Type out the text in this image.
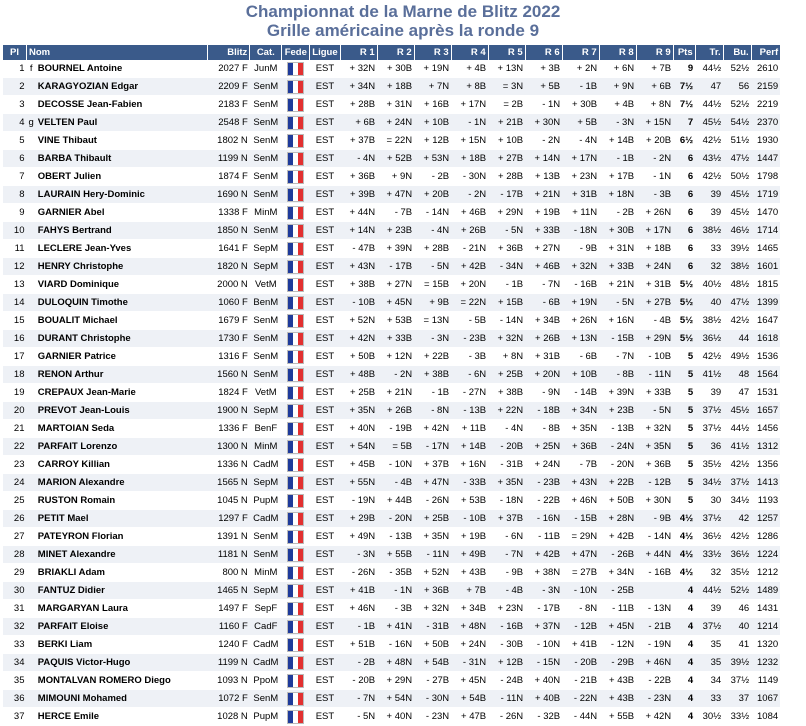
Championnat de la Marne de Blitz 2022

Grille américaine après la ronde 9

Pl	Nom		Blitz	Cat.	Fede	Ligue	R 1	R 2	R 3	R 4	R 5	R 6	R 7	R 8	R 9	Pts	Tr.	Bu.	Perf
1	f	BOURNEL Antoine	2027 F	JunM		EST	+ 32N	+ 30B	+ 19N	+ 4B	+ 13N	+ 3B	+ 2N	+ 6N	+ 7B	9	44½	52½	2610
2		KARAGYOZIAN Edgar	2209 F	SenM		EST	+ 34N	+ 18B	+ 7N	+ 8B	= 3N	+ 5B	- 1B	+ 9N	+ 6B	7½	47	56	2159
3		DECOSSE Jean-Fabien	2183 F	SenM		EST	+ 28B	+ 31N	+ 16B	+ 17N	= 2B	- 1N	+ 30B	+ 4B	+ 8N	7½	44½	52½	2219
4	g	VELTEN Paul	2548 F	SenM		EST	+ 6B	+ 24N	+ 10B	- 1N	+ 21B	+ 30N	+ 5B	- 3N	+ 15N	7	45½	54½	2370
5		VINE Thibaut	1802 N	SenM		EST	+ 37B	= 22N	+ 12B	+ 15N	+ 10B	- 2N	- 4N	+ 14B	+ 20B	6½	42½	51½	1930
6		BARBA Thibault	1199 N	SenM		EST	- 4N	+ 52B	+ 53N	+ 18B	+ 27B	+ 14N	+ 17N	- 1B	- 2N	6	43½	47½	1447
7		OBERT Julien	1874 F	SenM		EST	+ 36B	+ 9N	- 2B	- 30N	+ 28B	+ 13B	+ 23N	+ 17B	- 1N	6	42½	50½	1798
8		LAURAIN Hery-Dominic	1690 N	SenM		EST	+ 39B	+ 47N	+ 20B	- 2N	- 17B	+ 21N	+ 31B	+ 18N	- 3B	6	39	45½	1719
9		GARNIER Abel	1338 F	MinM		EST	+ 44N	- 7B	- 14N	+ 46B	+ 29N	+ 19B	+ 11N	- 2B	+ 26N	6	39	45½	1470
10		FAHYS Bertrand	1850 N	SenM		EST	+ 14N	+ 23B	- 4N	+ 26B	- 5N	+ 33B	- 18N	+ 30B	+ 17N	6	38½	46½	1714
11		LECLERE Jean-Yves	1641 F	SepM		EST	- 47B	+ 39N	+ 28B	- 21N	+ 36B	+ 27N	- 9B	+ 31N	+ 18B	6	33	39½	1465
12		HENRY Christophe	1820 N	SepM		EST	+ 43N	- 17B	- 5N	+ 42B	- 34N	+ 46B	+ 32N	+ 33B	+ 24N	6	32	38½	1601
13		VIARD Dominique	2000 N	VetM		EST	+ 38B	+ 27N	= 15B	+ 20N	- 1B	- 7N	- 16B	+ 21N	+ 31B	5½	40½	48½	1815
14		DULOQUIN Timothe	1060 F	BenM		EST	- 10B	+ 45N	+ 9B	= 22N	+ 15B	- 6B	+ 19N	- 5N	+ 27B	5½	40	47½	1399
15		BOUALIT Michael	1679 F	SenM		EST	+ 52N	+ 53B	= 13N	- 5B	- 14N	+ 34B	+ 26N	+ 16N	- 4B	5½	38½	42½	1647
16		DURANT Christophe	1730 F	SenM		EST	+ 42N	+ 33B	- 3N	- 23B	+ 32N	+ 26B	+ 13N	- 15B	+ 29N	5½	36½	44	1618
17		GARNIER Patrice	1316 F	SenM		EST	+ 50B	+ 12N	+ 22B	- 3B	+ 8N	+ 31B	- 6B	- 7N	- 10B	5	42½	49½	1536
18		RENON Arthur	1560 N	SenM		EST	+ 48B	- 2N	+ 38B	- 6N	+ 25B	+ 20N	+ 10B	- 8B	- 11N	5	41½	48	1564
19		CREPAUX Jean-Marie	1824 F	VetM		EST	+ 25B	+ 21N	- 1B	- 27N	+ 38B	- 9N	- 14B	+ 39N	+ 33B	5	39	47	1531
20		PREVOT Jean-Louis	1900 N	SepM		EST	+ 35N	+ 26B	- 8N	- 13B	+ 22N	- 18B	+ 34N	+ 23B	- 5N	5	37½	45½	1657
21		MARTOIAN Seda	1336 F	BenF		EST	+ 40N	- 19B	+ 42N	+ 11B	- 4N	- 8B	+ 35N	- 13B	+ 32N	5	37½	44½	1456
22		PARFAIT Lorenzo	1300 N	MinM		EST	+ 54N	= 5B	- 17N	+ 14B	- 20B	+ 25N	+ 36B	- 24N	+ 35N	5	36	41½	1312
23		CARROY Killian	1336 N	CadM		EST	+ 45B	- 10N	+ 37B	+ 16N	- 31B	+ 24N	- 7B	- 20N	+ 36B	5	35½	42½	1356
24		MARION Alexandre	1565 N	SepM		EST	+ 55N	- 4B	+ 47N	- 33B	+ 35N	- 23B	+ 43N	+ 22B	- 12B	5	34½	37½	1413
25		RUSTON Romain	1045 N	PupM		EST	- 19N	+ 44B	- 26N	+ 53B	- 18N	- 22B	+ 46N	+ 50B	+ 30N	5	30	34½	1193
26		PETIT Mael	1297 F	CadM		EST	+ 29B	- 20N	+ 25B	- 10B	+ 37B	- 16N	- 15B	+ 28N	- 9B	4½	37½	42	1257
27		PATEYRON Florian	1391 N	SenM		EST	+ 49N	- 13B	+ 35N	+ 19B	- 6N	- 11B	= 29N	+ 42B	- 14N	4½	36½	42½	1286
28		MINET Alexandre	1181 N	SenM		EST	- 3N	+ 55B	- 11N	+ 49B	- 7N	+ 42B	+ 47N	- 26B	+ 44N	4½	33½	36½	1224
29		BRIAKLI Adam	800 N	MinM		EST	- 26N	- 35B	+ 52N	+ 43B	- 9B	+ 38N	= 27B	+ 34N	- 16B	4½	32	35½	1212
30		FANTUZ Didier	1465 N	SepM		EST	+ 41B	- 1N	+ 36B	+ 7B	- 4B	- 3N	- 10N	- 25B		4	44½	52½	1489
31		MARGARYAN Laura	1497 F	SepF		EST	+ 46N	- 3B	+ 32N	+ 34B	+ 23N	- 17B	- 8N	- 11B	- 13N	4	39	46	1431
32		PARFAIT Eloise	1160 F	CadF		EST	- 1B	+ 41N	- 31B	+ 48N	- 16B	+ 37N	- 12B	+ 45N	- 21B	4	37½	40	1214
33		BERKI Liam	1240 F	CadM		EST	+ 51B	- 16N	+ 50B	+ 24N	- 30B	- 10N	+ 41B	- 12N	- 19N	4	35	41	1320
34		PAQUIS Victor-Hugo	1199 N	CadM		EST	- 2B	+ 48N	+ 54B	- 31N	+ 12B	- 15N	- 20B	- 29B	+ 46N	4	35	39½	1232
35		MONTALVAN ROMERO Diego	1093 N	PpoM		EST	- 20B	+ 29N	- 27B	+ 45N	- 24B	+ 40N	- 21B	+ 43B	- 22B	4	34	37½	1149
36		MIMOUNI Mohamed	1072 F	SenM		EST	- 7N	+ 54N	- 30N	+ 54B	- 11N	+ 40B	- 22N	+ 43B	- 23N	4	33	37	1067
37		HERCE Emile	1028 N	PupM		EST	- 5N	+ 40N	- 23N	+ 47B	- 26N	- 32B	- 44N	+ 55B	+ 42N	4	30½	33½	1084
